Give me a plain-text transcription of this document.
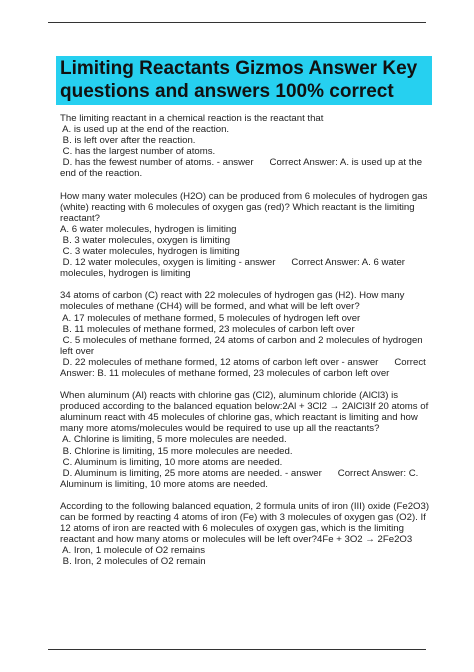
Limiting Reactants Gizmos Answer Key
questions and answers 100% correct
The limiting reactant in a chemical reaction is the reactant that
A. is used up at the end of the reaction.
B. is left over after the reaction.
C. has the largest number of atoms.
D. has the fewest number of atoms. - answer      Correct Answer: A. is used up at the
end of the reaction.
How many water molecules (H2O) can be produced from 6 molecules of hydrogen gas
(white) reacting with 6 molecules of oxygen gas (red)? Which reactant is the limiting
reactant?
A. 6 water molecules, hydrogen is limiting
B. 3 water molecules, oxygen is limiting
C. 3 water molecules, hydrogen is limiting
D. 12 water molecules, oxygen is limiting - answer      Correct Answer: A. 6 water
molecules, hydrogen is limiting
34 atoms of carbon (C) react with 22 molecules of hydrogen gas (H2). How many
molecules of methane (CH4) will be formed, and what will be left over?
A. 17 molecules of methane formed, 5 molecules of hydrogen left over
B. 11 molecules of methane formed, 23 molecules of carbon left over
C. 5 molecules of methane formed, 24 atoms of carbon and 2 molecules of hydrogen
left over
D. 22 molecules of methane formed, 12 atoms of carbon left over - answer      Correct
Answer: B. 11 molecules of methane formed, 23 molecules of carbon left over
When aluminum (Al) reacts with chlorine gas (Cl2), aluminum chloride (AlCl3) is
produced according to the balanced equation below:2Al + 3Cl2 → 2AlCl3If 20 atoms of
aluminum react with 45 molecules of chlorine gas, which reactant is limiting and how
many more atoms/molecules would be required to use up all the reactants?
A. Chlorine is limiting, 5 more molecules are needed.
B. Chlorine is limiting, 15 more molecules are needed.
C. Aluminum is limiting, 10 more atoms are needed.
D. Aluminum is limiting, 25 more atoms are needed. - answer      Correct Answer: C.
Aluminum is limiting, 10 more atoms are needed.
According to the following balanced equation, 2 formula units of iron (III) oxide (Fe2O3)
can be formed by reacting 4 atoms of iron (Fe) with 3 molecules of oxygen gas (O2). If
12 atoms of iron are reacted with 6 molecules of oxygen gas, which is the limiting
reactant and how many atoms or molecules will be left over?4Fe + 3O2 → 2Fe2O3
A. Iron, 1 molecule of O2 remains
B. Iron, 2 molecules of O2 remain
